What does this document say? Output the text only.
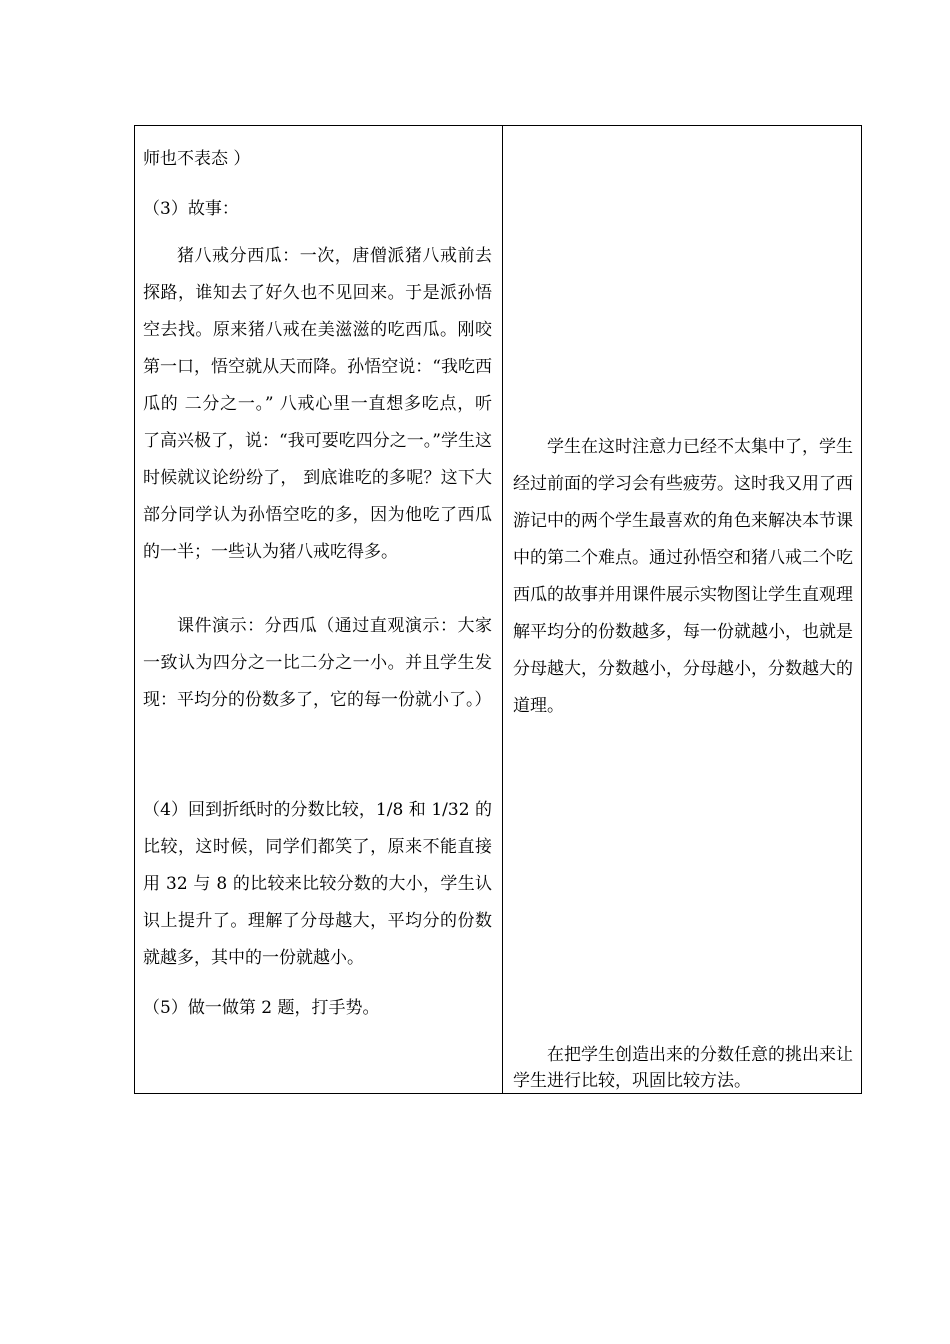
师也不表态 ）

（3）故事：

猪八戒分西瓜：一次，唐僧派猪八戒前去探路，谁知去了好久也不见回来。于是派孙悟空去找。原来猪八戒在美滋滋的吃西瓜。刚咬第一口，悟空就从天而降。孙悟空说：“我吃西瓜的 二分之一。” 八戒心里一直想多吃点，听了高兴极了，说：“我可要吃四分之一。”学生这时候就议论纷纷了， 到底谁吃的多呢？这下大部分同学认为孙悟空吃的多，因为他吃了西瓜的一半；一些认为猪八戒吃得多。

课件演示：分西瓜（通过直观演示：大家一致认为四分之一比二分之一小。并且学生发现：平均分的份数多了，它的每一份就小了。）

（4）回到折纸时的分数比较，1/8 和 1/32 的比较，这时候，同学们都笑了，原来不能直接用 32 与 8 的比较来比较分数的大小，学生认识上提升了。理解了分母越大，平均分的份数就越多，其中的一份就越小。

（5）做一做第 2 题，打手势。

学生在这时注意力已经不太集中了，学生经过前面的学习会有些疲劳。这时我又用了西游记中的两个学生最喜欢的角色来解决本节课中的第二个难点。通过孙悟空和猪八戒二个吃西瓜的故事并用课件展示实物图让学生直观理解平均分的份数越多，每一份就越小，也就是分母越大，分数越小，分母越小，分数越大的道理。

在把学生创造出来的分数任意的挑出来让学生进行比较，巩固比较方法。
